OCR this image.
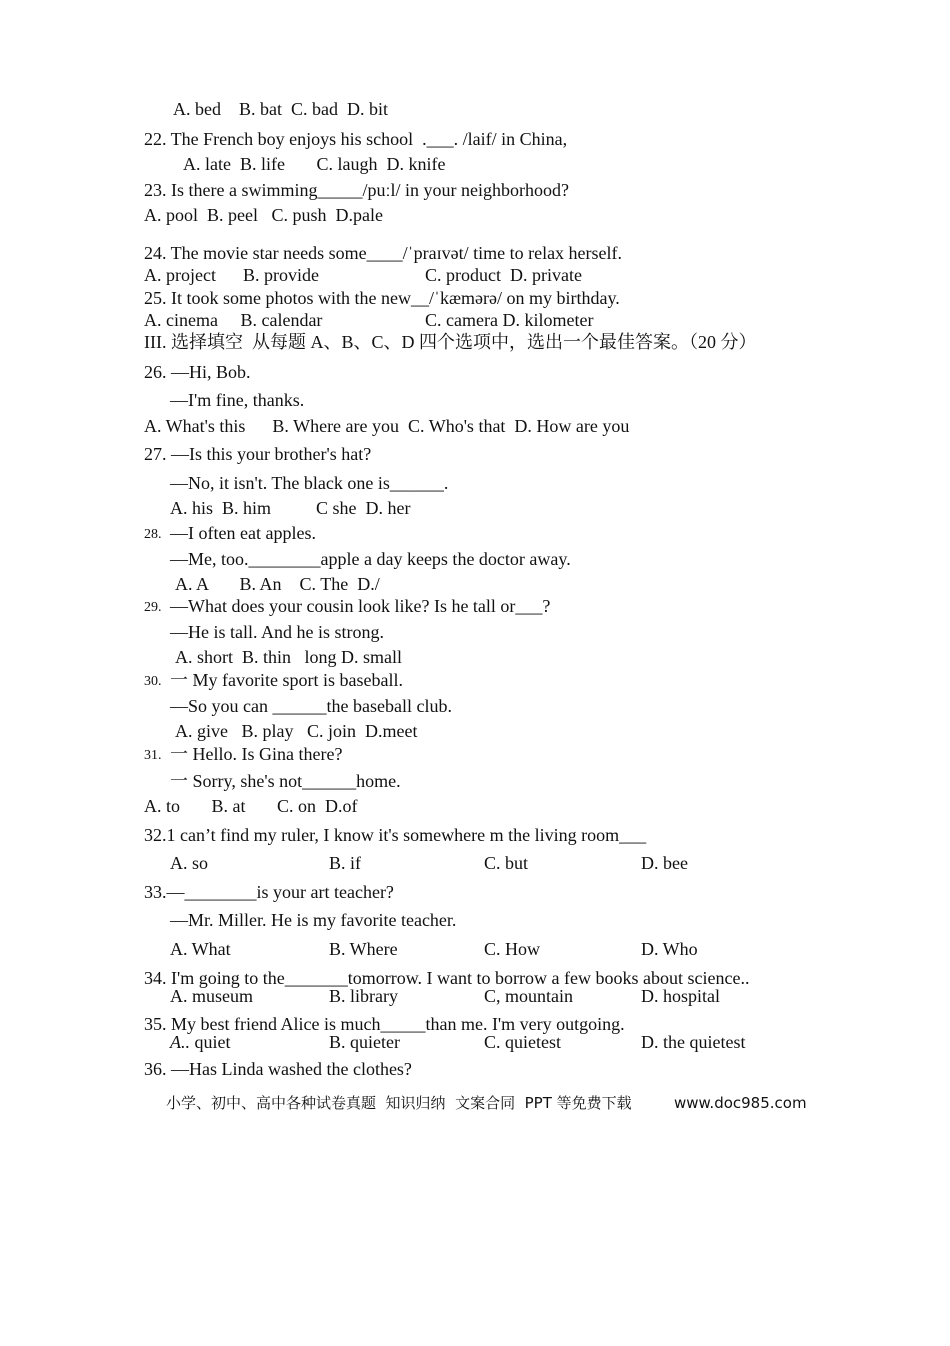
A. bed    B. bat  C. bad  D. bit
22. The French boy enjoys his school  .___. /laif/ in China,
A. late  B. life       C. laugh  D. knife
23. Is there a swimming_____/puːl/ in your neighborhood?
A. pool  B. peel   C. push  D.pale
24. The movie star needs some____/ˈpraɪvət/ time to relax herself.
A. project      B. provide	C. product  D. private
25. It took some photos with the new__/ˈkæmərə/ on my birthday.
A. cinema     B. calendar	C. camera D. kilometer
III. 选择填空  从每题 A、B、C、D 四个选项中，选出一个最佳答案。（20 分）
26. —Hi, Bob.
—I'm fine, thanks.
A. What's this      B. Where are you  C. Who's that  D. How are you
27. —Is this your brother's hat?
—No, it isn't. The black one is______.
A. his  B. him          C she  D. her
28. —I often eat apples.
—Me, too.________apple a day keeps the doctor away.
A. A       B. An    C. The  D./
29. —What does your cousin look like? Is he tall or___?
—He is tall. And he is strong.
A. short  B. thin   long D. small
30. 一 My favorite sport is baseball.
—So you can ______the baseball club.
A. give   B. play   C. join  D.meet
31. 一 Hello. Is Gina there?
一 Sorry, she's not______home.
A. to       B. at       C. on  D.of
32.1 can’t find my ruler, I know it's somewhere m the living room___
A. so	B. if	C. but	D. bee
33.—________is your art teacher?
—Mr. Miller. He is my favorite teacher.
A. What	B. Where	C. How	D. Who
34. I'm going to the_______tomorrow. I want to borrow a few books about science..
A. museum	B. library	C, mountain	D. hospital
35. My best friend Alice is much_____than me. I'm very outgoing.
A.. quiet	B. quieter	C. quietest	D. the quietest
36. —Has Linda washed the clothes?
小学、初中、高中各种试卷真题  知识归纳  文案合同  PPT 等免费下载	www.doc985.com
